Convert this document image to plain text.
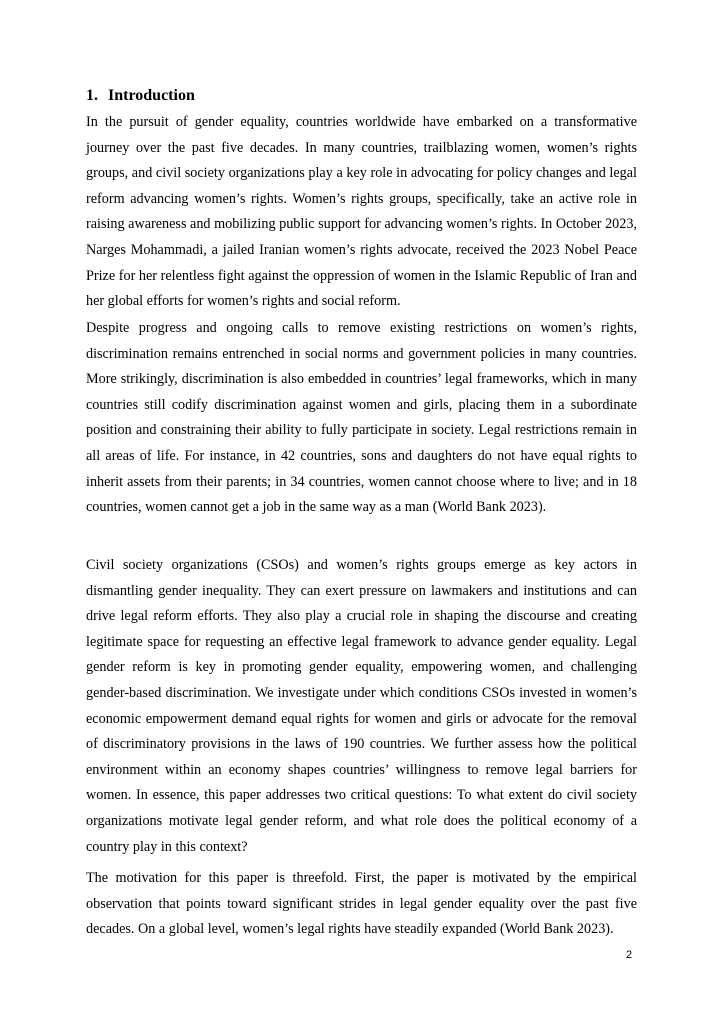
1. Introduction

In the pursuit of gender equality, countries worldwide have embarked on a transformative journey over the past five decades. In many countries, trailblazing women, women’s rights groups, and civil society organizations play a key role in advocating for policy changes and legal reform advancing women’s rights. Women’s rights groups, specifically, take an active role in raising awareness and mobilizing public support for advancing women’s rights. In October 2023, Narges Mohammadi, a jailed Iranian women’s rights advocate, received the 2023 Nobel Peace Prize for her relentless fight against the oppression of women in the Islamic Republic of Iran and her global efforts for women’s rights and social reform.

Despite progress and ongoing calls to remove existing restrictions on women’s rights, discrimination remains entrenched in social norms and government policies in many countries. More strikingly, discrimination is also embedded in countries’ legal frameworks, which in many countries still codify discrimination against women and girls, placing them in a subordinate position and constraining their ability to fully participate in society. Legal restrictions remain in all areas of life. For instance, in 42 countries, sons and daughters do not have equal rights to inherit assets from their parents; in 34 countries, women cannot choose where to live; and in 18 countries, women cannot get a job in the same way as a man (World Bank 2023).

Civil society organizations (CSOs) and women’s rights groups emerge as key actors in dismantling gender inequality. They can exert pressure on lawmakers and institutions and can drive legal reform efforts. They also play a crucial role in shaping the discourse and creating legitimate space for requesting an effective legal framework to advance gender equality. Legal gender reform is key in promoting gender equality, empowering women, and challenging gender-based discrimination. We investigate under which conditions CSOs invested in women’s economic empowerment demand equal rights for women and girls or advocate for the removal of discriminatory provisions in the laws of 190 countries. We further assess how the political environment within an economy shapes countries’ willingness to remove legal barriers for women. In essence, this paper addresses two critical questions: To what extent do civil society organizations motivate legal gender reform, and what role does the political economy of a country play in this context?

The motivation for this paper is threefold. First, the paper is motivated by the empirical observation that points toward significant strides in legal gender equality over the past five decades. On a global level, women’s legal rights have steadily expanded (World Bank 2023).

2
